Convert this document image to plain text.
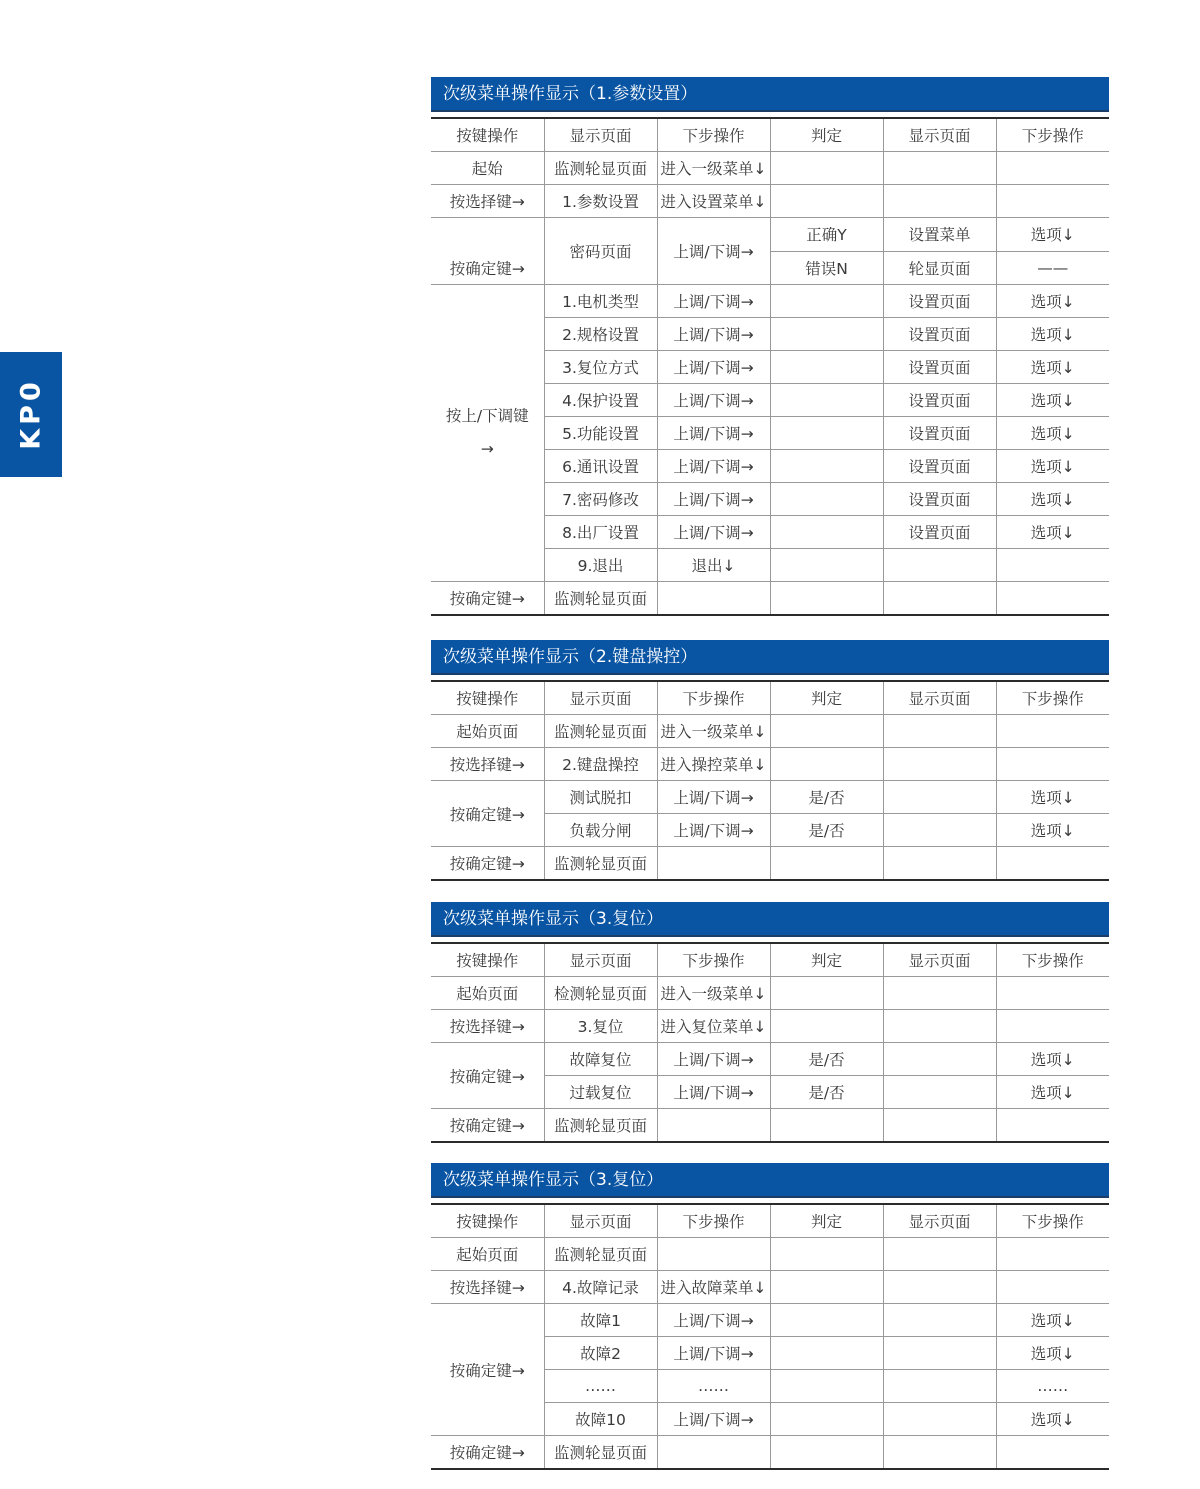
KP0
次级菜单操作显示（1.参数设置）
按键操作	显示页面	下步操作	判定	显示页面	下步操作
起始	监测轮显页面	进入一级菜单↓			
按选择键→	1.参数设置	进入设置菜单↓			
按确定键→	密码页面	上调/下调→	正确Y	设置菜单	选项↓
			错误N	轮显页面	——

按上/下调键
→	1.电机类型	上调/下调→		设置页面	选项↓
	2.规格设置	上调/下调→		设置页面	选项↓
	3.复位方式	上调/下调→		设置页面	选项↓
	4.保护设置	上调/下调→		设置页面	选项↓
	5.功能设置	上调/下调→		设置页面	选项↓
	6.通讯设置	上调/下调→		设置页面	选项↓
	7.密码修改	上调/下调→		设置页面	选项↓
	8.出厂设置	上调/下调→		设置页面	选项↓
	9.退出	退出↓			
按确定键→	监测轮显页面				
次级菜单操作显示（2.键盘操控）
按键操作	显示页面	下步操作	判定	显示页面	下步操作
起始页面	监测轮显页面	进入一级菜单↓			
按选择键→	2.键盘操控	进入操控菜单↓			
按确定键→	测试脱扣	上调/下调→	是/否		选项↓
	负载分闸	上调/下调→	是/否		选项↓
按确定键→	监测轮显页面				
次级菜单操作显示（3.复位）
按键操作	显示页面	下步操作	判定	显示页面	下步操作
起始页面	检测轮显页面	进入一级菜单↓			
按选择键→	3.复位	进入复位菜单↓			
按确定键→	故障复位	上调/下调→	是/否		选项↓
	过载复位	上调/下调→	是/否		选项↓
按确定键→	监测轮显页面				
次级菜单操作显示（3.复位）
按键操作	显示页面	下步操作	判定	显示页面	下步操作
起始页面	监测轮显页面				
按选择键→	4.故障记录	进入故障菜单↓			
按确定键→	故障1	上调/下调→			选项↓
	故障2	上调/下调→			选项↓
	……	……			……
	故障10	上调/下调→			选项↓
按确定键→	监测轮显页面				
